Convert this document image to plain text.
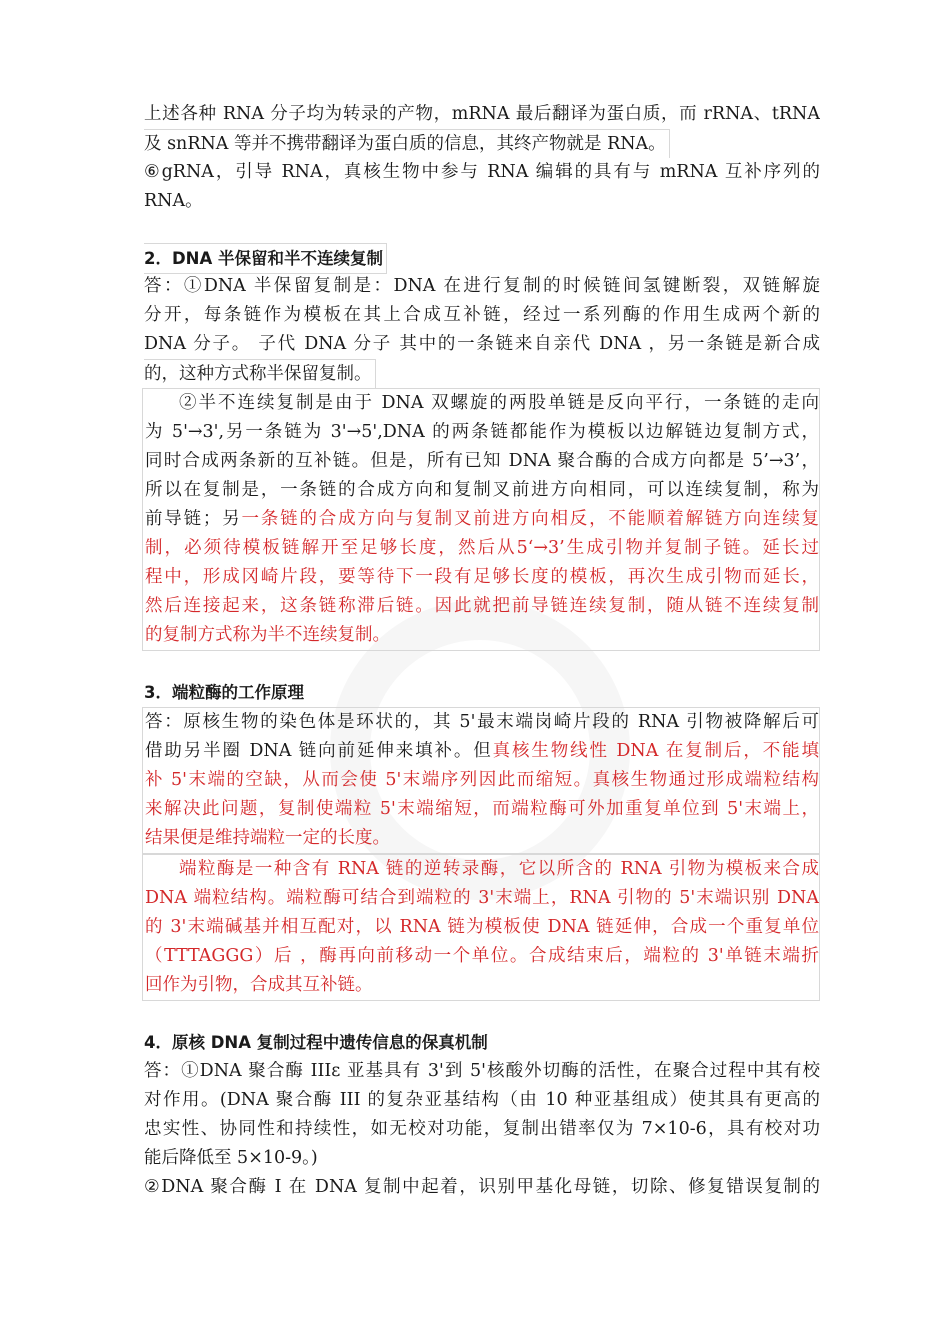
上述各种 RNA 分子均为转录的产物，mRNA 最后翻译为蛋白质，而 rRNA、tRNA
及 snRNA 等并不携带翻译为蛋白质的信息，其终产物就是 RNA。
⑥gRNA，引导 RNA，真核生物中参与 RNA 编辑的具有与 mRNA 互补序列的
RNA。
2．DNA 半保留和半不连续复制
答：①DNA 半保留复制是：DNA 在进行复制的时候链间氢键断裂，双链解旋
分开，每条链作为模板在其上合成互补链，经过一系列酶的作用生成两个新的
DNA 分子。 子代 DNA 分子 其中的一条链来自亲代 DNA ，另一条链是新合成
的，这种方式称半保留复制。
②半不连续复制是由于 DNA 双螺旋的两股单链是反向平行，一条链的走向
为 5'→3',另一条链为 3'→5',DNA 的两条链都能作为模板以边解链边复制方式，
同时合成两条新的互补链。但是，所有已知 DNA 聚合酶的合成方向都是 5’→3’，
所以在复制是，一条链的合成方向和复制叉前进方向相同，可以连续复制，称为
前导链；另一条链的合成方向与复制叉前进方向相反，不能顺着解链方向连续复
制，必须待模板链解开至足够长度，然后从5‘→3’生成引物并复制子链。延长过
程中，形成冈崎片段，要等待下一段有足够长度的模板，再次生成引物而延长，
然后连接起来，这条链称滞后链。因此就把前导链连续复制，随从链不连续复制
的复制方式称为半不连续复制。
3．端粒酶的工作原理
答：原核生物的染色体是环状的，其 5'最末端岗崎片段的 RNA 引物被降解后可
借助另半圈 DNA 链向前延伸来填补。但真核生物线性 DNA 在复制后，不能填
补 5'末端的空缺，从而会使 5'末端序列因此而缩短。真核生物通过形成端粒结构
来解决此问题，复制使端粒 5'末端缩短，而端粒酶可外加重复单位到 5'末端上，
结果便是维持端粒一定的长度。
端粒酶是一种含有 RNA 链的逆转录酶，它以所含的 RNA 引物为模板来合成
DNA 端粒结构。端粒酶可结合到端粒的 3'末端上，RNA 引物的 5'末端识别 DNA
的 3'末端碱基并相互配对，以 RNA 链为模板使 DNA 链延伸，合成一个重复单位
（TTTAGGG）后 ，酶再向前移动一个单位。合成结束后，端粒的 3'单链末端折
回作为引物，合成其互补链。
4．原核 DNA 复制过程中遗传信息的保真机制
答：①DNA 聚合酶 IIIε 亚基具有 3'到 5'核酸外切酶的活性，在聚合过程中其有校
对作用。(DNA 聚合酶 III 的复杂亚基结构（由 10 种亚基组成）使其具有更高的
忠实性、协同性和持续性，如无校对功能，复制出错率仅为 7×10-6，具有校对功
能后降低至 5×10-9。)
②DNA 聚合酶 I 在 DNA 复制中起着，识别甲基化母链，切除、修复错误复制的
